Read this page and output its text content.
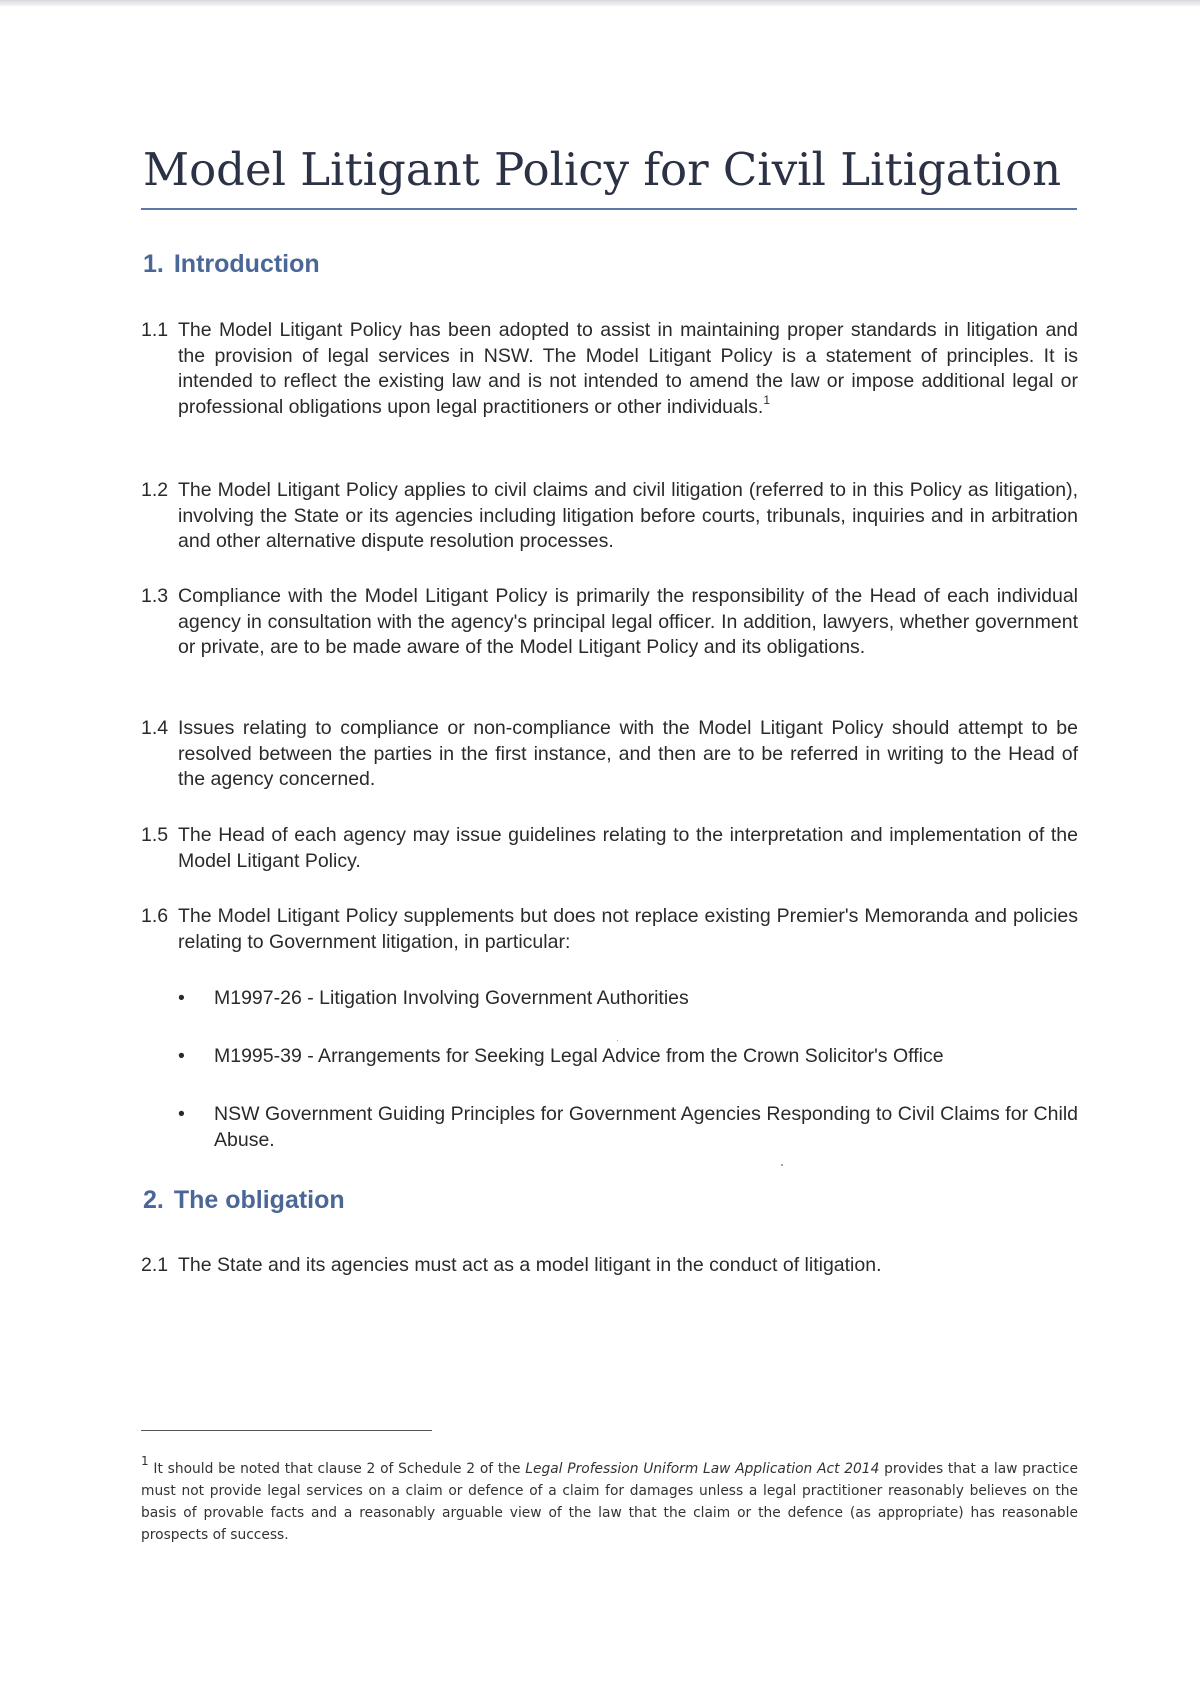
Model Litigant Policy for Civil Litigation
1. Introduction
1.1 The Model Litigant Policy has been adopted to assist in maintaining proper standards in litigation and the provision of legal services in NSW. The Model Litigant Policy is a statement of principles. It is intended to reflect the existing law and is not intended to amend the law or impose additional legal or professional obligations upon legal practitioners or other individuals.$^1$
1.2 The Model Litigant Policy applies to civil claims and civil litigation (referred to in this Policy as litigation), involving the State or its agencies including litigation before courts, tribunals, inquiries and in arbitration and other alternative dispute resolution processes.
1.3 Compliance with the Model Litigant Policy is primarily the responsibility of the Head of each individual agency in consultation with the agency's principal legal officer. In addition, lawyers, whether government or private, are to be made aware of the Model Litigant Policy and its obligations.
1.4 Issues relating to compliance or non-compliance with the Model Litigant Policy should attempt to be resolved between the parties in the first instance, and then are to be referred in writing to the Head of the agency concerned.
1.5 The Head of each agency may issue guidelines relating to the interpretation and implementation of the Model Litigant Policy.
1.6 The Model Litigant Policy supplements but does not replace existing Premier's Memoranda and policies relating to Government litigation, in particular:
• M1997-26 - Litigation Involving Government Authorities
• M1995-39 - Arrangements for Seeking Legal Advice from the Crown Solicitor's Office
• NSW Government Guiding Principles for Government Agencies Responding to Civil Claims for Child Abuse.
2. The obligation
2.1 The State and its agencies must act as a model litigant in the conduct of litigation.
$^1$ It should be noted that clause 2 of Schedule 2 of the Legal Profession Uniform Law Application Act 2014 provides that a law practice must not provide legal services on a claim or defence of a claim for damages unless a legal practitioner reasonably believes on the basis of provable facts and a reasonably arguable view of the law that the claim or the defence (as appropriate) has reasonable prospects of success.
